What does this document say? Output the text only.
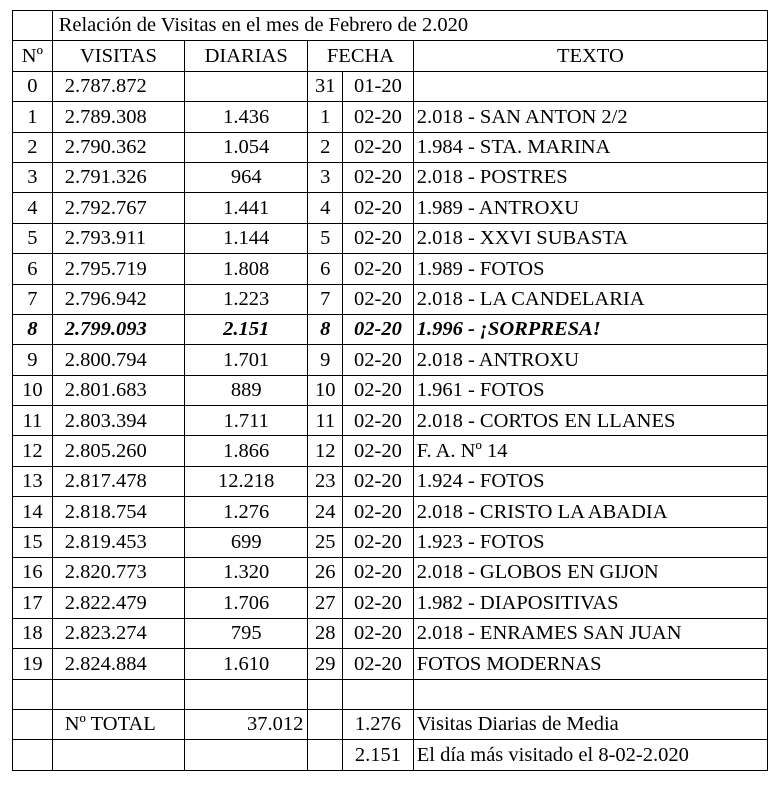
	Relación de Visitas en el mes de Febrero de 2.020				
Nº	VISITAS	DIARIAS	FECHA		TEXTO
0	2.787.872		31	01-20	
1	2.789.308	1.436	1	02-20	2.018 - SAN ANTON 2/2
2	2.790.362	1.054	2	02-20	1.984 - STA. MARINA
3	2.791.326	964	3	02-20	2.018 - POSTRES
4	2.792.767	1.441	4	02-20	1.989 - ANTROXU
5	2.793.911	1.144	5	02-20	2.018 - XXVI SUBASTA
6	2.795.719	1.808	6	02-20	1.989 - FOTOS
7	2.796.942	1.223	7	02-20	2.018 - LA CANDELARIA
8	2.799.093	2.151	8	02-20	1.996 - ¡SORPRESA!
9	2.800.794	1.701	9	02-20	2.018 - ANTROXU
10	2.801.683	889	10	02-20	1.961 - FOTOS
11	2.803.394	1.711	11	02-20	2.018 - CORTOS EN LLANES
12	2.805.260	1.866	12	02-20	F. A. Nº 14
13	2.817.478	12.218	23	02-20	1.924 - FOTOS
14	2.818.754	1.276	24	02-20	2.018 - CRISTO LA ABADIA
15	2.819.453	699	25	02-20	1.923 - FOTOS
16	2.820.773	1.320	26	02-20	2.018 - GLOBOS EN GIJON
17	2.822.479	1.706	27	02-20	1.982 - DIAPOSITIVAS
18	2.823.274	795	28	02-20	2.018 - ENRAMES SAN JUAN
19	2.824.884	1.610	29	02-20	FOTOS MODERNAS

	Nº TOTAL	37.012		1.276	Visitas Diarias de Media
				2.151	El día más visitado el 8-02-2.020
